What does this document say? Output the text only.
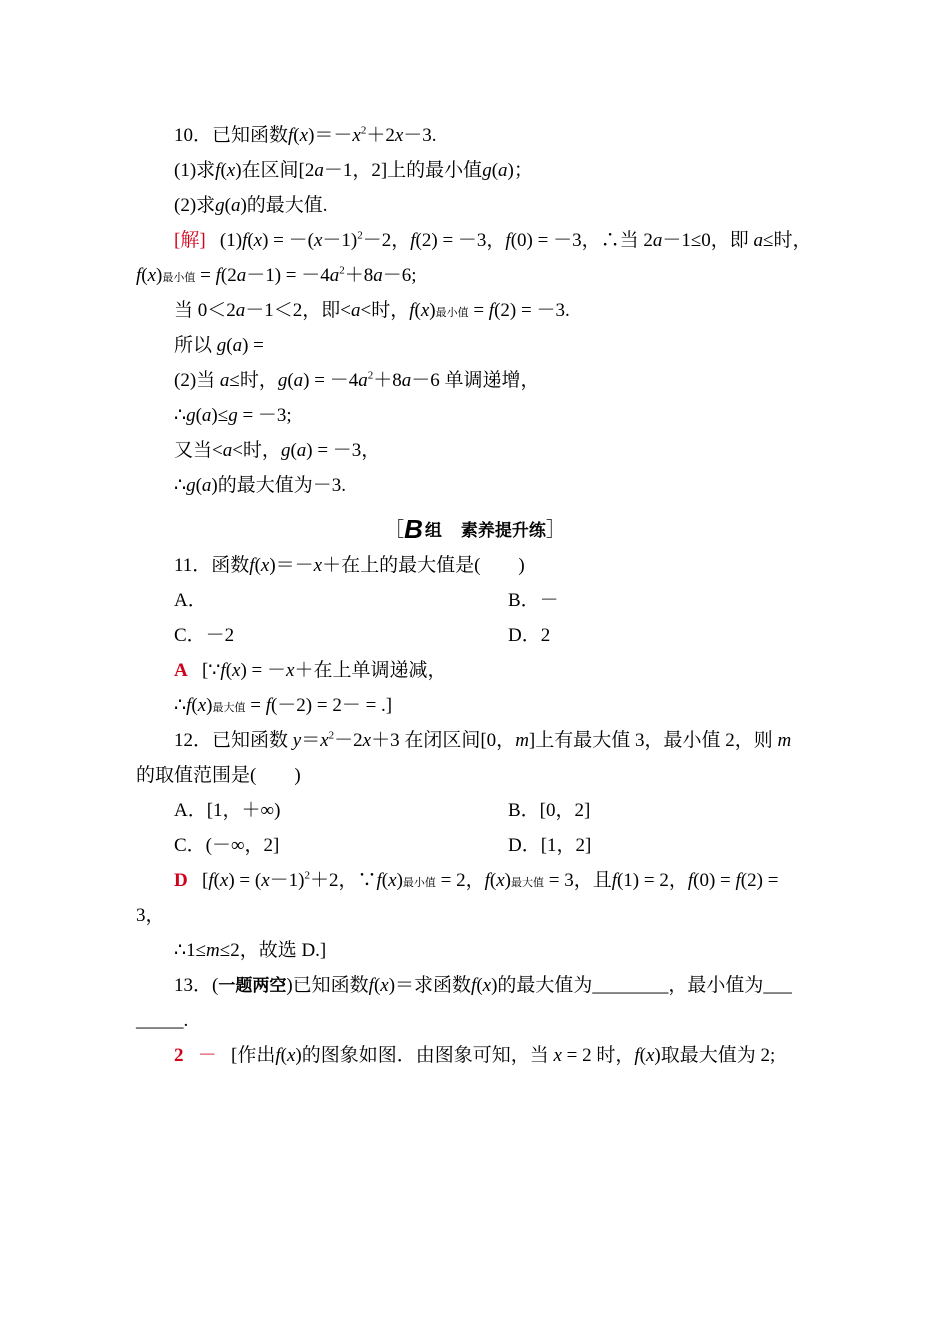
10．已知函数$f(x)=-x^2+2x-3$.
(1)求f(x)在区间[2a－1，2]上的最小值g(a)；
(2)求g(a)的最大值.
[解] $(1)f(x) = -(x-1)^2-2$，f(2) = －3，f(0) = －3，∴当 2a－1≤0，即 a≤时，
f(x)最小值 = $f(2a-1) = -4a^2+8a-6$;
当 0＜2a－1＜2，即<a<时，f(x)最小值 = f(2) = －3.
所以 g(a) =
(2)当 a≤时，$g(a) = -4a^2+8a-6$ 单调递增，
∴g(a)≤g = －3;
又当<a<时，g(a) = －3，
∴g(a)的最大值为－3.
［B 组 素养提升练］
11．函数f(x)＝－x＋在上的最大值是(　　)
A．	B．－
C．－2	D．2
A [∵f(x) = －x＋在上单调递减，
∴f(x)最大值 = f(－2) = 2－ = .]
12．已知函数 $y=x^2-2x+3$ 在闭区间[0，m]上有最大值 3，最小值 2，则 m
的取值范围是(　　)
A．[1，＋∞)	B．[0，2]
C．(－∞，2]	D．[1，2]
D [$f(x) = (x-1)^2+2$，∵f(x)最小值 = 2，f(x)最大值 = 3，且f(1) = 2，f(0) = f(2) =
3，
∴1≤m≤2，故选 D.]
13．(一题两空)已知函数f(x)＝求函数f(x)的最大值为________，最小值为___
_____.
2 － [作出f(x)的图象如图．由图象可知，当 x = 2 时，f(x)取最大值为 2;
